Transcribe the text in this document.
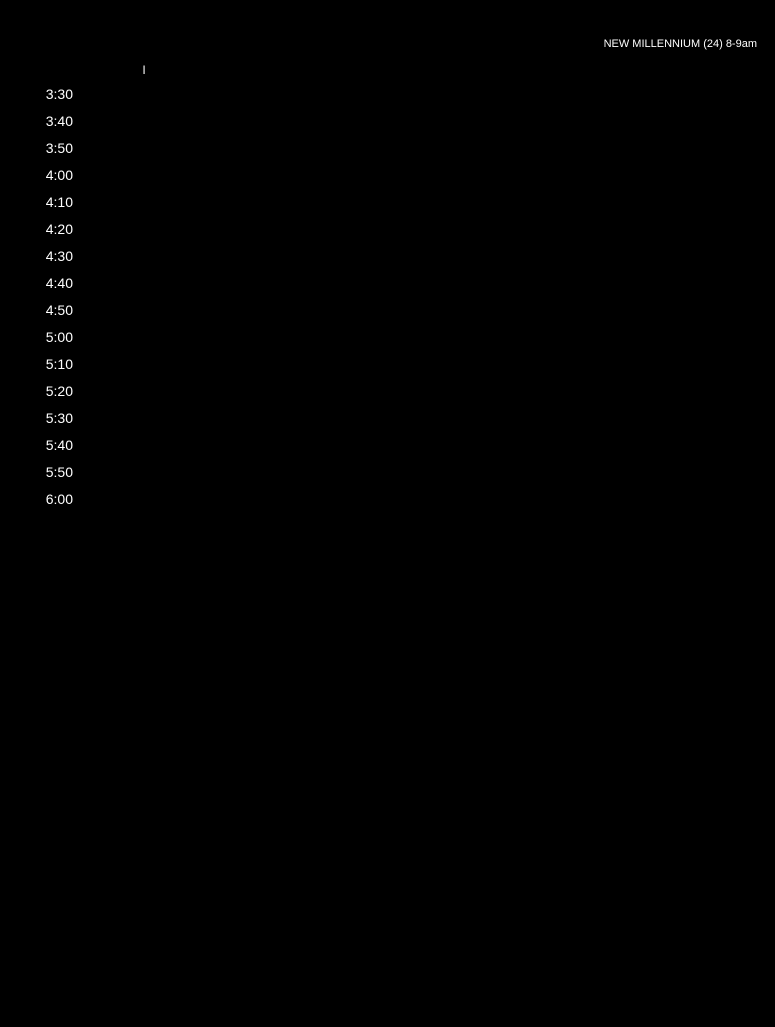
NEW MILLENNIUM (24) 8-9am
I
3:30
3:40
3:50
4:00
4:10
4:20
4:30
4:40
4:50
5:00
5:10
5:20
5:30
5:40
5:50
6:00
